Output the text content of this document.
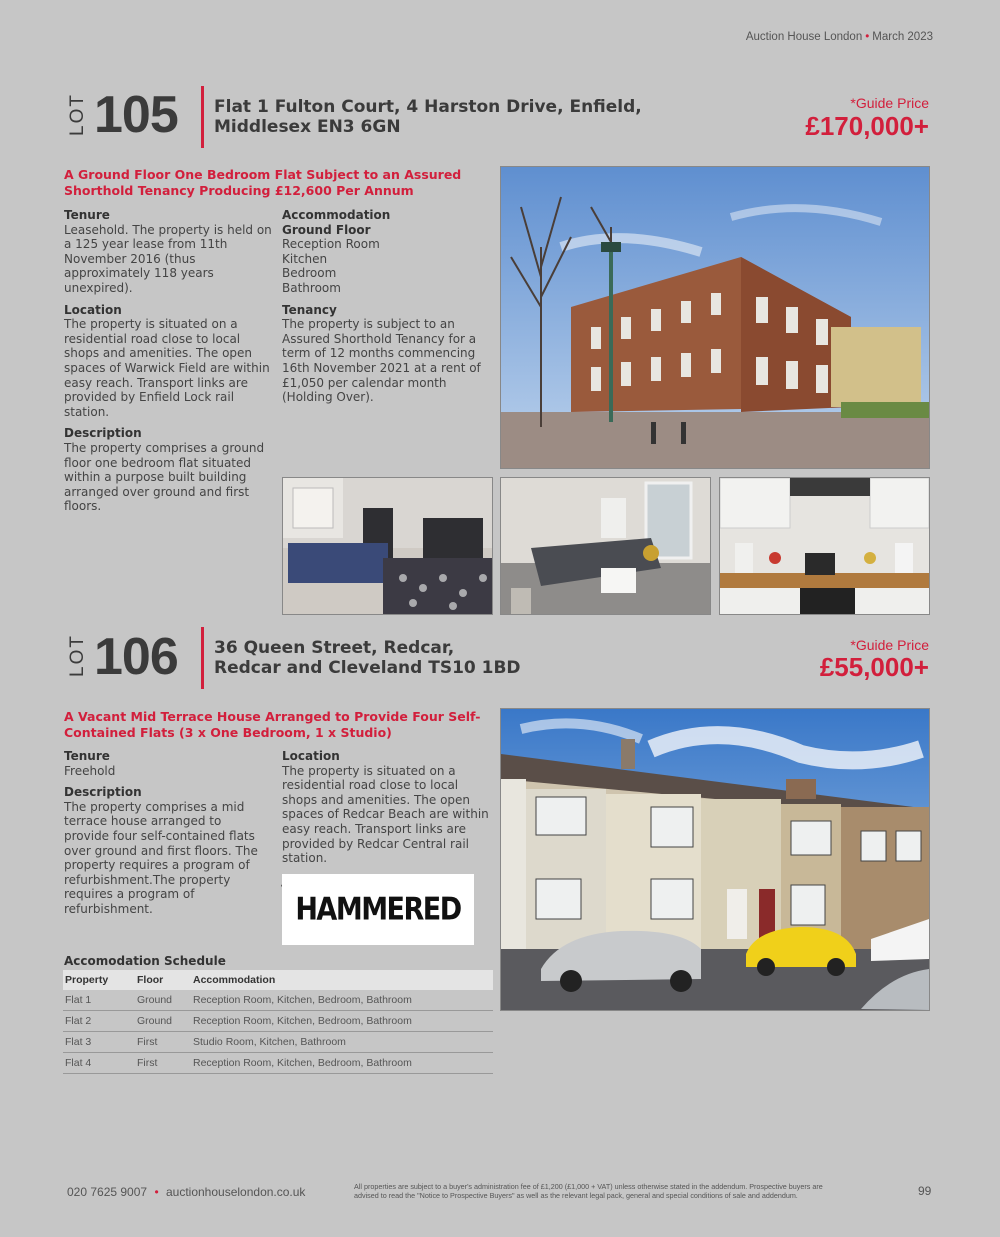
Auction House London • March 2023
LOT 105 Flat 1 Fulton Court, 4 Harston Drive, Enfield,
Middlesex EN3 6GN
*Guide Price
£170,000+
A Ground Floor One Bedroom Flat Subject to an Assured
Shorthold Tenancy Producing £12,600 Per Annum
Tenure
Leasehold. The property is held on a 125 year lease from 11th November 2016 (thus approximately 118 years unexpired).
Location
The property is situated on a residential road close to local shops and amenities. The open spaces of Warwick Field are within easy reach. Transport links are provided by Enfield Lock rail station.
Description
The property comprises a ground floor one bedroom flat situated within a purpose built building arranged over ground and first floors.
Accommodation
Ground Floor
Reception Room
Kitchen
Bedroom
Bathroom
Tenancy
The property is subject to an Assured Shorthold Tenancy for a term of 12 months commencing 16th November 2021 at a rent of £1,050 per calendar month (Holding Over).
LOT 106 36 Queen Street, Redcar,
Redcar and Cleveland TS10 1BD
*Guide Price
£55,000+
A Vacant Mid Terrace House Arranged to Provide Four Self-
Contained Flats (3 x One Bedroom, 1 x Studio)
Tenure
Freehold
Description
The property comprises a mid terrace house arranged to provide four self-contained flats over ground and first floors. The property requires a program of refurbishment.The property requires a program of refurbishment.
Location
The property is situated on a residential road close to local shops and amenities. The open spaces of Redcar Beach are within easy reach. Transport links are provided by Redcar Central rail station.
HAMMERED
Accomodation Schedule
Property	Floor	Accommodation
Flat 1	Ground	Reception Room, Kitchen, Bedroom, Bathroom
Flat 2	Ground	Reception Room, Kitchen, Bedroom, Bathroom
Flat 3	First	Studio Room, Kitchen, Bathroom
Flat 4	First	Reception Room, Kitchen, Bedroom, Bathroom
020 7625 9007 • auctionhouselondon.co.uk	All properties are subject to a buyer's administration fee of £1,200 (£1,000 + VAT) unless otherwise stated in the addendum. Prospective buyers are advised to read the "Notice to Prospective Buyers" as well as the relevant legal pack, general and special conditions of sale and addendum.	99
